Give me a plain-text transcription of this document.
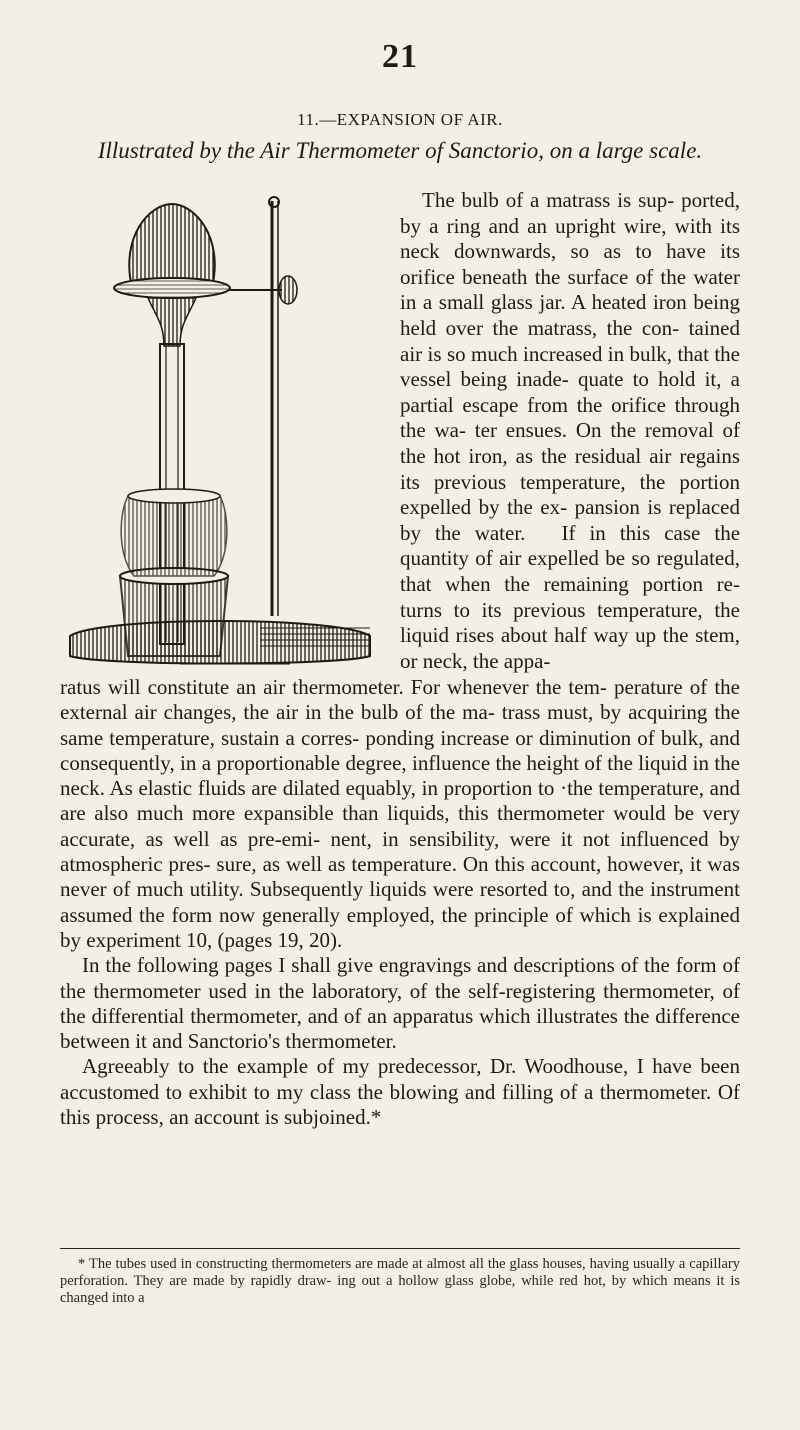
21
11.—EXPANSION OF AIR.
Illustrated by the Air Thermometer of Sanctorio, on a large scale.

The bulb of a matrass is sup- ported, by a ring and an upright wire, with its neck downwards, so as to have its orifice beneath the surface of the water in a small glass jar. A heated iron being held over the matrass, the con- tained air is so much increased in bulk, that the vessel being inade- quate to hold it, a partial escape from the orifice through the wa- ter ensues. On the removal of the hot iron, as the residual air regains its previous temperature, the portion expelled by the ex- pansion is replaced by the water. If in this case the quantity of air expelled be so regulated, that when the remaining portion re- turns to its previous temperature, the liquid rises about half way up the stem, or neck, the appa-

ratus will constitute an air thermometer. For whenever the tem- perature of the external air changes, the air in the bulb of the ma- trass must, by acquiring the same temperature, sustain a corres- ponding increase or diminution of bulk, and consequently, in a proportionable degree, influence the height of the liquid in the neck. As elastic fluids are dilated equably, in proportion to ·the temperature, and are also much more expansible than liquids, this thermometer would be very accurate, as well as pre-emi- nent, in sensibility, were it not influenced by atmospheric pres- sure, as well as temperature. On this account, however, it was never of much utility. Subsequently liquids were resorted to, and the instrument assumed the form now generally employed, the principle of which is explained by experiment 10, (pages 19, 20).

In the following pages I shall give engravings and descriptions of the form of the thermometer used in the laboratory, of the self-registering thermometer, of the differential thermometer, and of an apparatus which illustrates the difference between it and Sanctorio's thermometer.

Agreeably to the example of my predecessor, Dr. Woodhouse, I have been accustomed to exhibit to my class the blowing and filling of a thermometer. Of this process, an account is subjoined.*

* The tubes used in constructing thermometers are made at almost all the glass houses, having usually a capillary perforation. They are made by rapidly draw- ing out a hollow glass globe, while red hot, by which means it is changed into a
